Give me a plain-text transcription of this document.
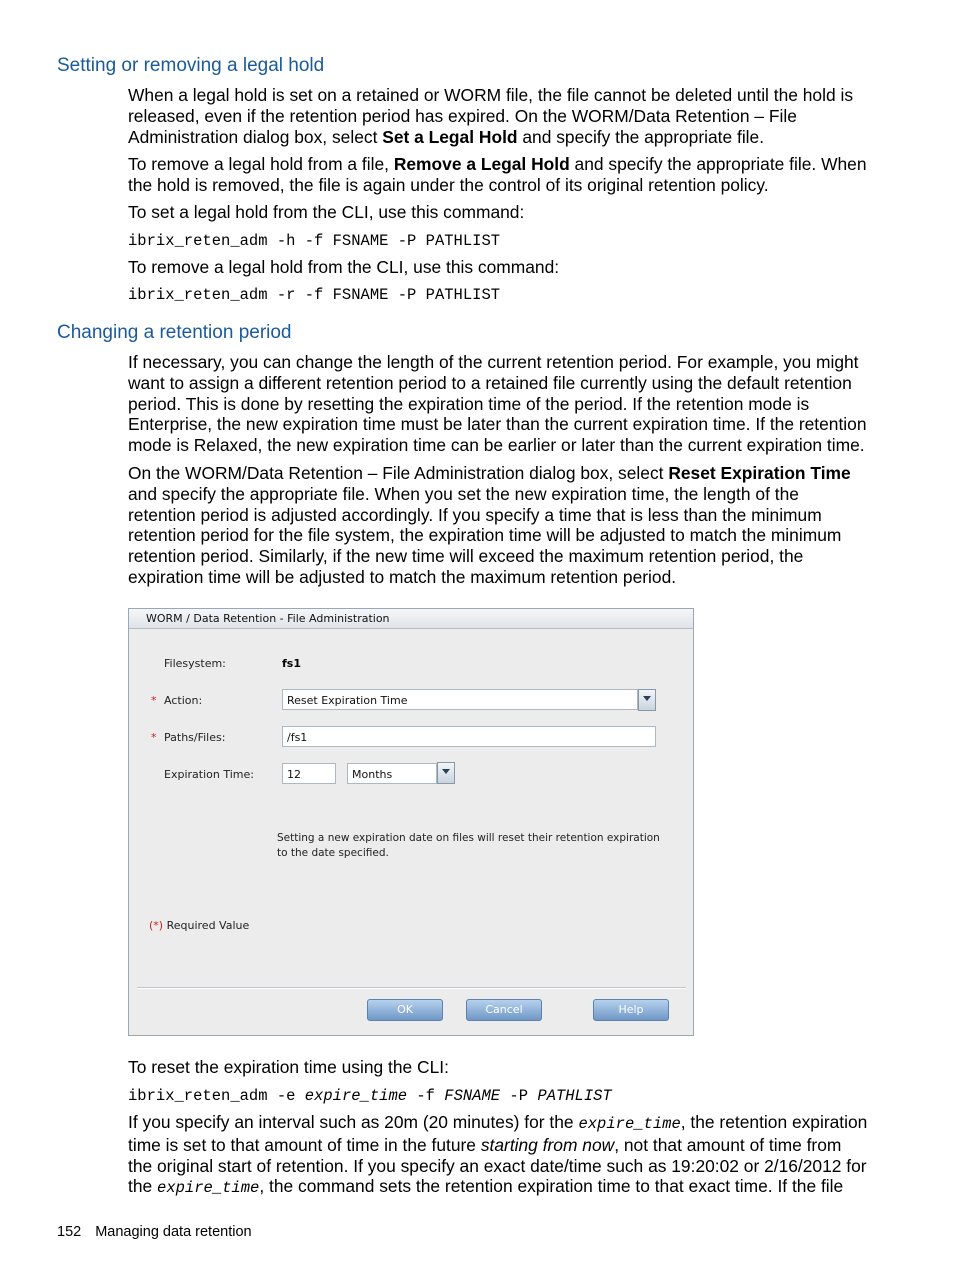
Setting or removing a legal hold

When a legal hold is set on a retained or WORM file, the file cannot be deleted until the hold is released, even if the retention period has expired. On the WORM/Data Retention – File Administration dialog box, select Set a Legal Hold and specify the appropriate file.

To remove a legal hold from a file, Remove a Legal Hold and specify the appropriate file. When the hold is removed, the file is again under the control of its original retention policy.

To set a legal hold from the CLI, use this command:

ibrix_reten_adm -h -f FSNAME -P PATHLIST

To remove a legal hold from the CLI, use this command:

ibrix_reten_adm -r -f FSNAME -P PATHLIST

Changing a retention period

If necessary, you can change the length of the current retention period. For example, you might want to assign a different retention period to a retained file currently using the default retention period. This is done by resetting the expiration time of the period. If the retention mode is Enterprise, the new expiration time must be later than the current expiration time. If the retention mode is Relaxed, the new expiration time can be earlier or later than the current expiration time.

On the WORM/Data Retention – File Administration dialog box, select Reset Expiration Time and specify the appropriate file. When you set the new expiration time, the length of the retention period is adjusted accordingly. If you specify a time that is less than the minimum retention period for the file system, the expiration time will be adjusted to match the minimum retention period. Similarly, if the new time will exceed the maximum retention period, the expiration time will be adjusted to match the maximum retention period.

WORM / Data Retention - File Administration
Filesystem:	fs1
* Action:	Reset Expiration Time
* Paths/Files:	/fs1
Expiration Time:	12	Months
Setting a new expiration date on files will reset their retention expiration to the date specified.
(*) Required Value
OK	Cancel	Help

To reset the expiration time using the CLI:

ibrix_reten_adm -e expire_time -f FSNAME -P PATHLIST

If you specify an interval such as 20m (20 minutes) for the expire_time, the retention expiration time is set to that amount of time in the future starting from now, not that amount of time from the original start of retention. If you specify an exact date/time such as 19:20:02 or 2/16/2012 for the expire_time, the command sets the retention expiration time to that exact time. If the file

152 Managing data retention
